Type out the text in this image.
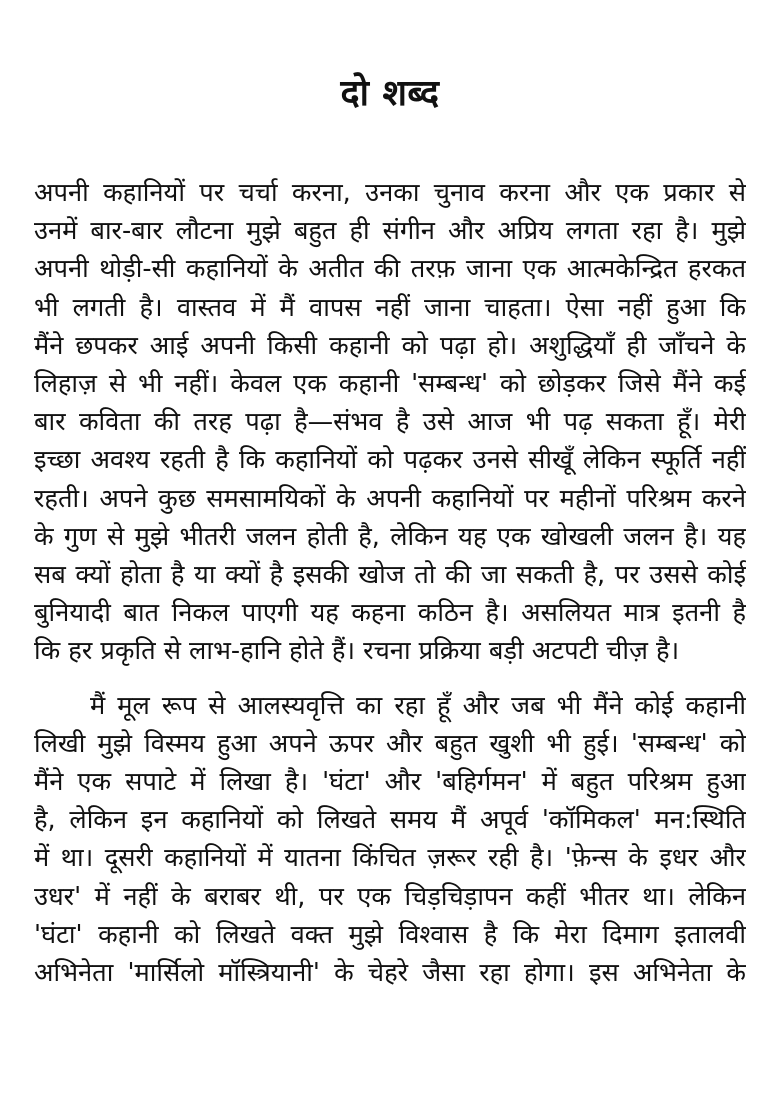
दो शब्द
अपनी कहानियों पर चर्चा करना, उनका चुनाव करना और एक प्रकार से
उनमें बार-बार लौटना मुझे बहुत ही संगीन और अप्रिय लगता रहा है। मुझे
अपनी थोड़ी-सी कहानियों के अतीत की तरफ़ जाना एक आत्मकेन्द्रित हरकत
भी लगती है। वास्तव में मैं वापस नहीं जाना चाहता। ऐसा नहीं हुआ कि
मैंने छपकर आई अपनी किसी कहानी को पढ़ा हो। अशुद्धियाँ ही जाँचने के
लिहाज़ से भी नहीं। केवल एक कहानी 'सम्बन्ध' को छोड़कर जिसे मैंने कई
बार कविता की तरह पढ़ा है—संभव है उसे आज भी पढ़ सकता हूँ। मेरी
इच्छा अवश्य रहती है कि कहानियों को पढ़कर उनसे सीखूँ लेकिन स्फूर्ति नहीं
रहती। अपने कुछ समसामयिकों के अपनी कहानियों पर महीनों परिश्रम करने
के गुण से मुझे भीतरी जलन होती है, लेकिन यह एक खोखली जलन है। यह
सब क्यों होता है या क्यों है इसकी खोज तो की जा सकती है, पर उससे कोई
बुनियादी बात निकल पाएगी यह कहना कठिन है। असलियत मात्र इतनी है
कि हर प्रकृति से लाभ-हानि होते हैं। रचना प्रक्रिया बड़ी अटपटी चीज़ है।
मैं मूल रूप से आलस्यवृत्ति का रहा हूँ और जब भी मैंने कोई कहानी
लिखी मुझे विस्मय हुआ अपने ऊपर और बहुत खुशी भी हुई। 'सम्बन्ध' को
मैंने एक सपाटे में लिखा है। 'घंटा' और 'बहिर्गमन' में बहुत परिश्रम हुआ
है, लेकिन इन कहानियों को लिखते समय मैं अपूर्व 'कॉमिकल' मन:स्थिति
में था। दूसरी कहानियों में यातना किंचित ज़रूर रही है। 'फ़ेन्स के इधर और
उधर' में नहीं के बराबर थी, पर एक चिड़चिड़ापन कहीं भीतर था। लेकिन
'घंटा' कहानी को लिखते वक्त मुझे विश्वास है कि मेरा दिमाग इतालवी
अभिनेता 'मार्सिलो मॉस्त्रियानी' के चेहरे जैसा रहा होगा। इस अभिनेता के
